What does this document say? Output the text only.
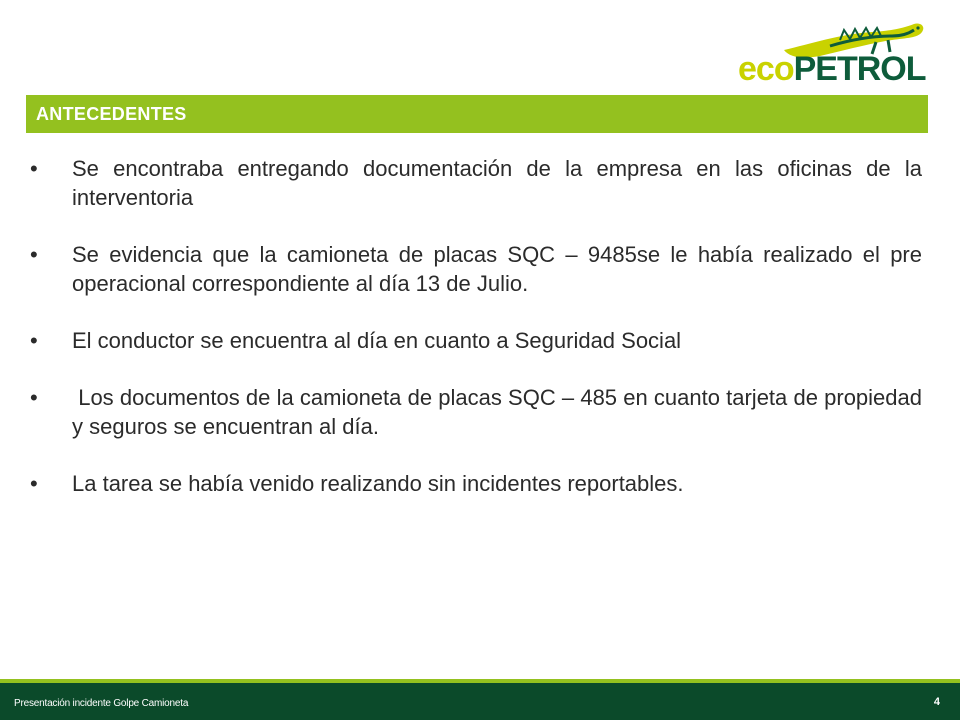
ecoPETROL
ANTECEDENTES
•	Se encontraba entregando documentación de la empresa en las oficinas de la interventoria
•	Se evidencia que la camioneta de placas SQC – 9485se le había realizado el pre operacional correspondiente al día 13 de Julio.
•	El conductor se encuentra al día en cuanto a Seguridad Social
•	Los documentos de la camioneta de placas SQC – 485 en cuanto tarjeta de propiedad y seguros se encuentran al día.
•	La tarea se había venido realizando sin incidentes reportables.
Presentación incidente Golpe Camioneta	4
